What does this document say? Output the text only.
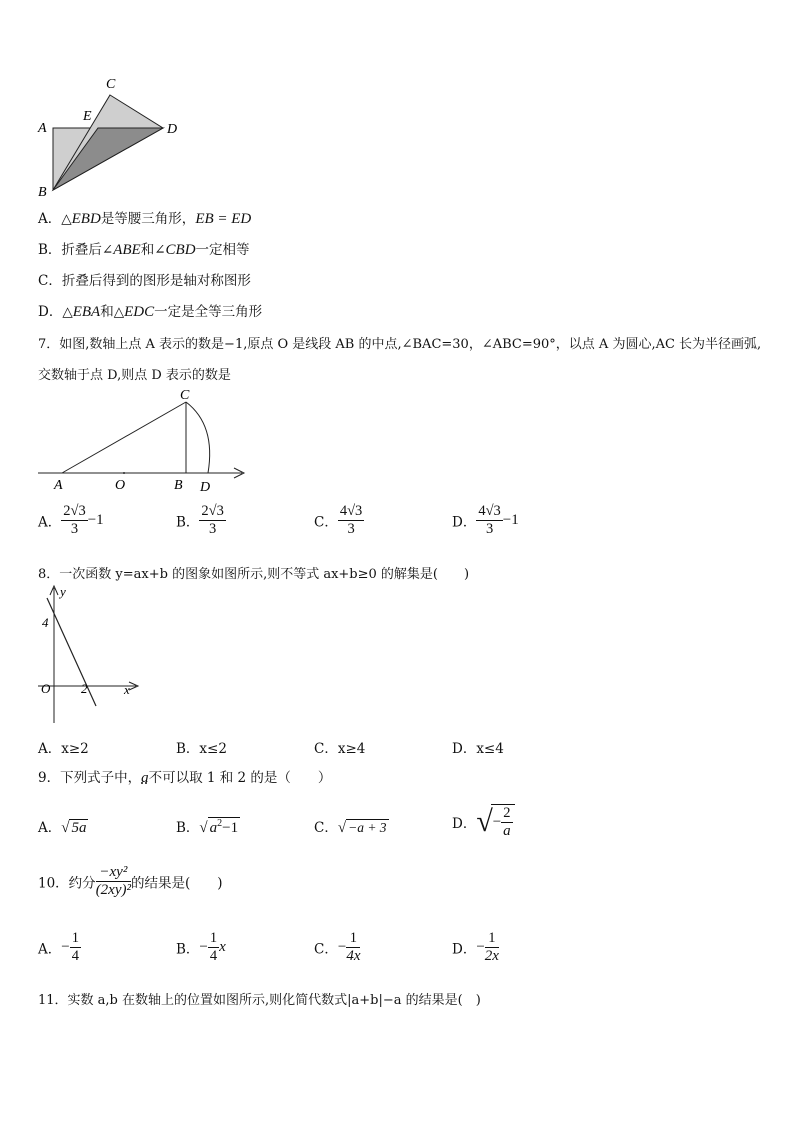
C
E
A	D
B
A．△EBD是等腰三角形，EB = ED
B．折叠后∠ABE和∠CBD一定相等
C．折叠后得到的图形是轴对称图形
D．△EBA和△EDC一定是全等三角形
7．如图,数轴上点 A 表示的数是−1,原点 O 是线段 AB 的中点,∠BAC=30，∠ABC=90°，以点 A 为圆心,AC 长为半径画弧,
交数轴于点 D,则点 D 表示的数是
C
A	O	B D
A． $\frac{2√3}{3} -1$	B． $\frac{2√3}{3}$	C． $\frac{4√3}{3}$	D． $\frac{4√3}{3} -1$
8．一次函数 y=ax+b 的图象如图所示,则不等式 ax+b≥0 的解集是(　　)
y
4
O 2	x
A．x≥2	B．x≤2	C．x≥4	D．x≤4
9．下列式子中，a不可以取 1 和 2 的是（　　）
A．√ 5a	B．√ $a^2-1$	C．√ −a + 3	D．√− $\frac{2}{a}$
10．约分 $\frac{\text{−xy²}}{\text{(2xy)²}}$ 的结果是(　　)
A．− $\frac{1}{4}$	B．− $\frac{1}{4}$ x	C．− $\frac{1}{4x}$	D．− $\frac{1}{2x}$
11．实数 a,b 在数轴上的位置如图所示,则化简代数式|a+b|−a 的结果是(　)
